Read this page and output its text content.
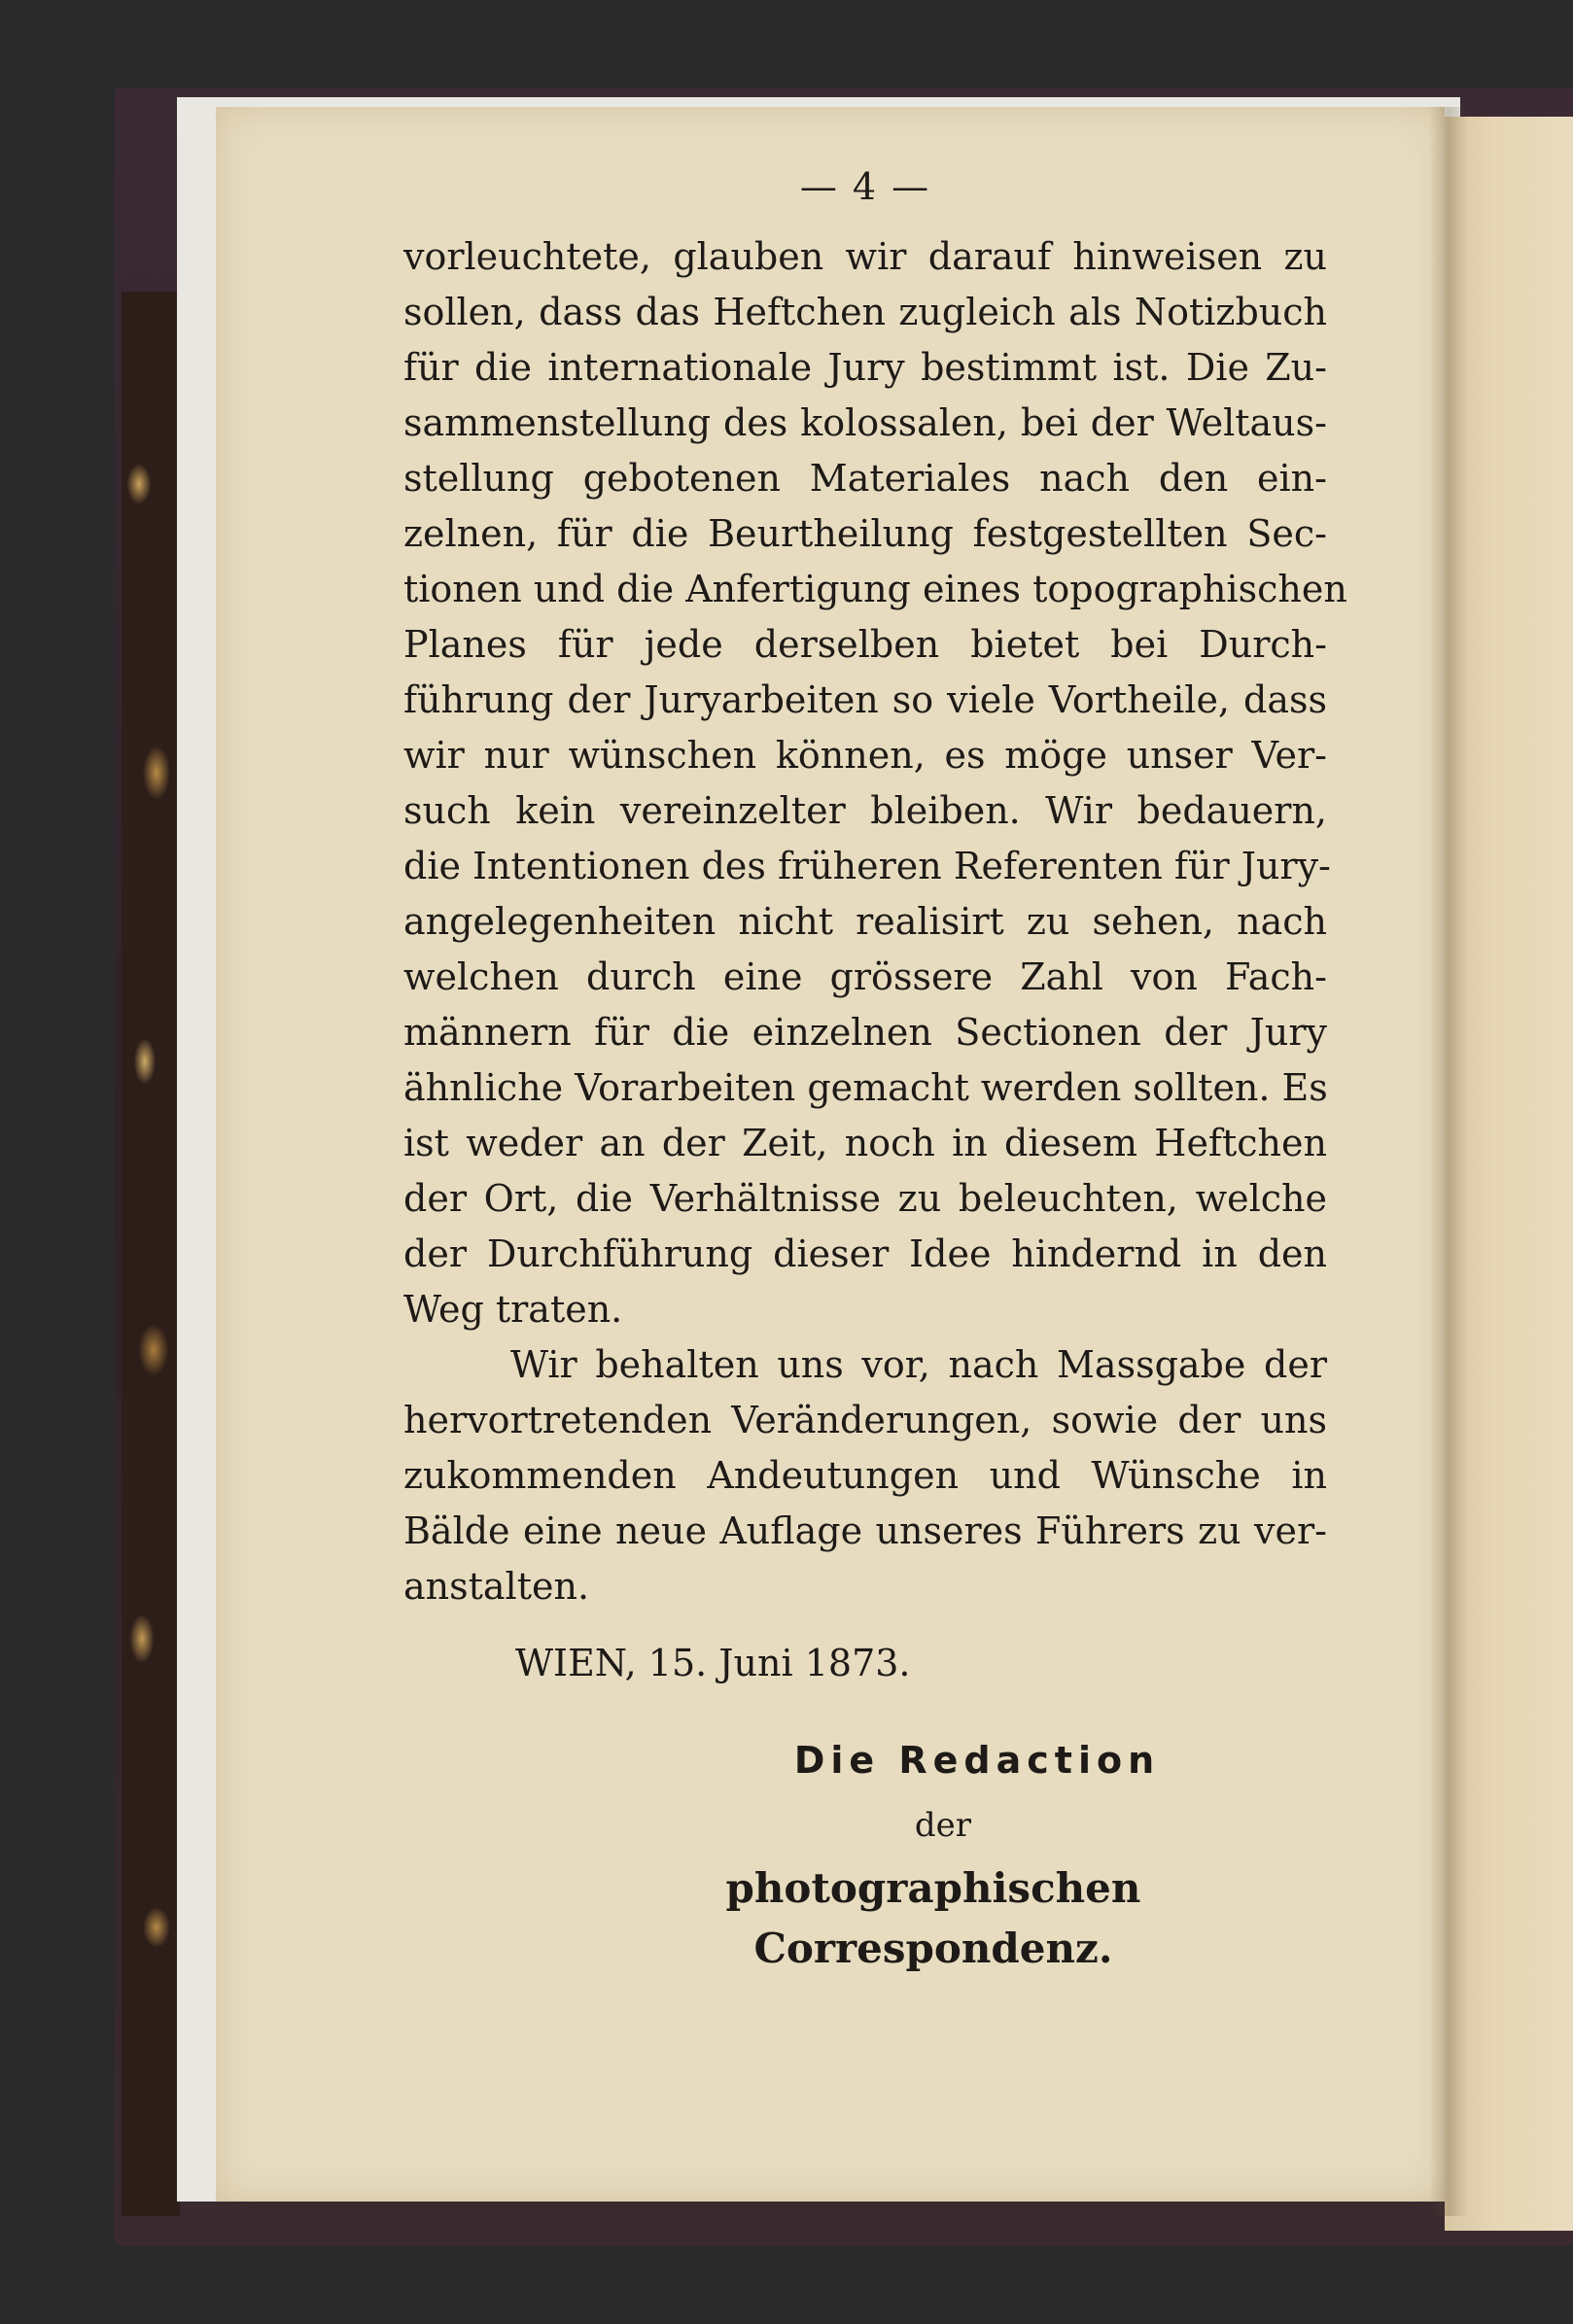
— 4 —
vorleuchtete, glauben wir darauf hinweisen zu
sollen, dass das Heftchen zugleich als Notizbuch
für die internationale Jury bestimmt ist. Die Zu-
sammenstellung des kolossalen, bei der Weltaus-
stellung gebotenen Materiales nach den ein-
zelnen, für die Beurtheilung festgestellten Sec-
tionen und die Anfertigung eines topographischen
Planes für jede derselben bietet bei Durch-
führung der Juryarbeiten so viele Vortheile, dass
wir nur wünschen können, es möge unser Ver-
such kein vereinzelter bleiben. Wir bedauern,
die Intentionen des früheren Referenten für Jury-
angelegenheiten nicht realisirt zu sehen, nach
welchen durch eine grössere Zahl von Fach-
männern für die einzelnen Sectionen der Jury
ähnliche Vorarbeiten gemacht werden sollten. Es
ist weder an der Zeit, noch in diesem Heftchen
der Ort, die Verhältnisse zu beleuchten, welche
der Durchführung dieser Idee hindernd in den
Weg traten.
Wir behalten uns vor, nach Massgabe der
hervortretenden Veränderungen, sowie der uns
zukommenden Andeutungen und Wünsche in
Bälde eine neue Auflage unseres Führers zu ver-
anstalten.
WIEN, 15. Juni 1873.
Die Redaction
der
photographischen Correspondenz.
